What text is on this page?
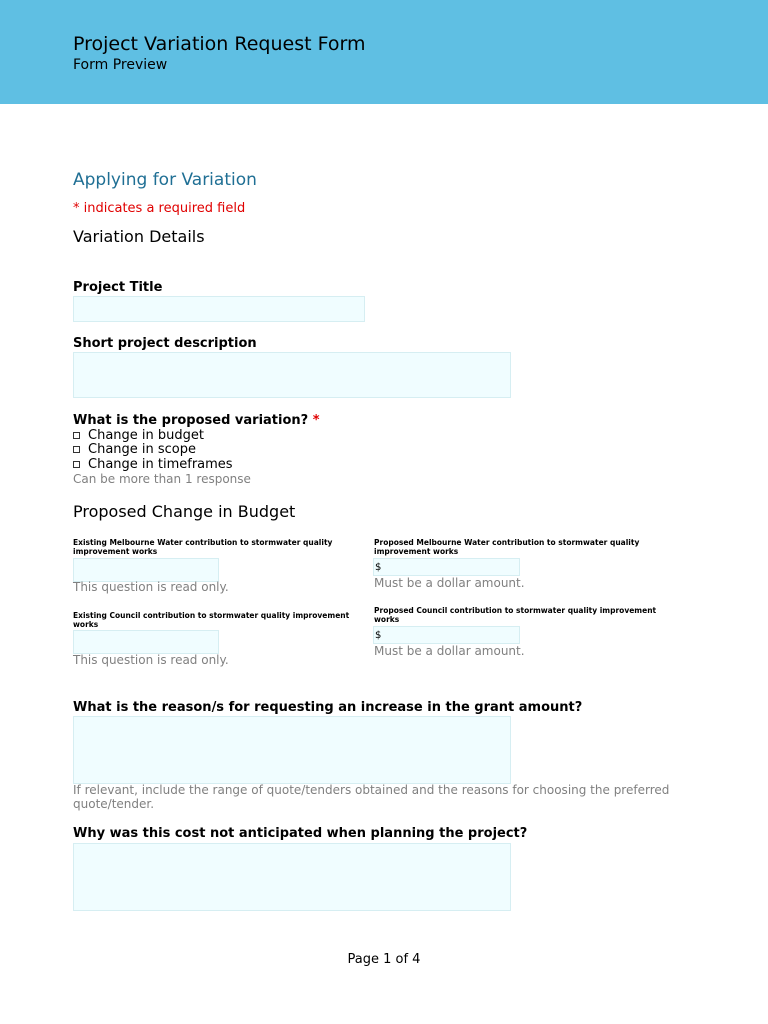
Project Variation Request Form
Form Preview
Applying for Variation
* indicates a required field
Variation Details
Project Title
Short project description
What is the proposed variation? *
Change in budget
Change in scope
Change in timeframes
Can be more than 1 response
Proposed Change in Budget
Existing Melbourne Water contribution to stormwater quality improvement works
This question is read only.
Proposed Melbourne Water contribution to stormwater quality improvement works
$
Must be a dollar amount.
Existing Council contribution to stormwater quality improvement works
This question is read only.
Proposed Council contribution to stormwater quality improvement works
$
Must be a dollar amount.
What is the reason/s for requesting an increase in the grant amount?
If relevant, include the range of quote/tenders obtained and the reasons for choosing the preferred quote/tender.
Why was this cost not anticipated when planning the project?
Page 1 of 4
